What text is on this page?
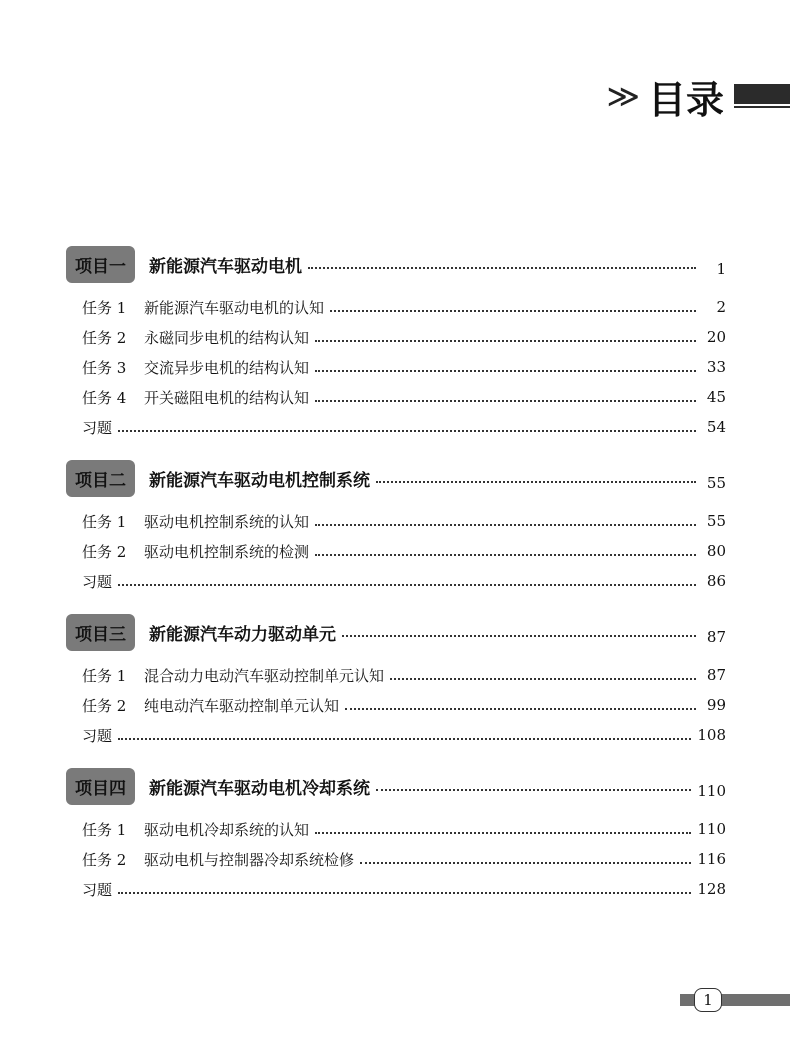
≫ 目录
项目一	新能源汽车驱动电机	1
任务 1	新能源汽车驱动电机的认知	2
任务 2	永磁同步电机的结构认知	20
任务 3	交流异步电机的结构认知	33
任务 4	开关磁阻电机的结构认知	45
习题	54
项目二	新能源汽车驱动电机控制系统	55
任务 1	驱动电机控制系统的认知	55
任务 2	驱动电机控制系统的检测	80
习题	86
项目三	新能源汽车动力驱动单元	87
任务 1	混合动力电动汽车驱动控制单元认知	87
任务 2	纯电动汽车驱动控制单元认知	99
习题	108
项目四	新能源汽车驱动电机冷却系统	110
任务 1	驱动电机冷却系统的认知	110
任务 2	驱动电机与控制器冷却系统检修	116
习题	128
1
